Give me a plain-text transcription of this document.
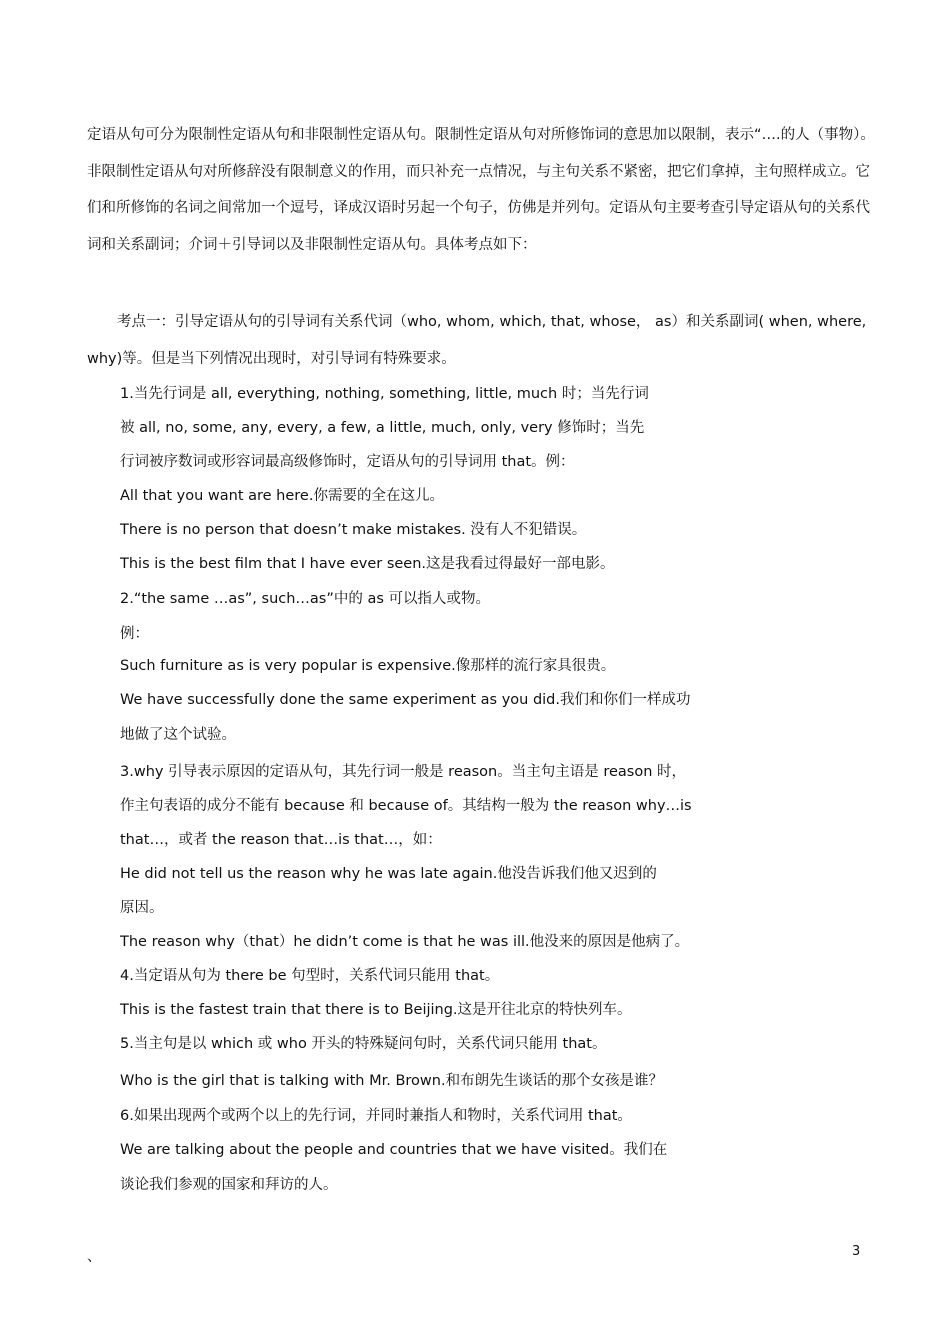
定语从句可分为限制性定语从句和非限制性定语从句。限制性定语从句对所修饰词的意思加以限制，表示“….的人（事物）。非限制性定语从句对所修辞没有限制意义的作用，而只补充一点情况，与主句关系不紧密，把它们拿掉，主句照样成立。它们和所修饰的名词之间常加一个逗号，译成汉语时另起一个句子，仿佛是并列句。定语从句主要考查引导定语从句的关系代词和关系副词；介词＋引导词以及非限制性定语从句。具体考点如下：
考点一：引导定语从句的引导词有关系代词（who, whom, which, that, whose， as）和关系副词( when, where, why)等。但是当下列情况出现时，对引导词有特殊要求。
1.当先行词是 all, everything, nothing, something, little, much 时；当先行词
被 all, no, some, any, every, a few, a little, much, only, very 修饰时；当先
行词被序数词或形容词最高级修饰时，定语从句的引导词用 that。例：
All that you want are here.你需要的全在这儿。
There is no person that doesn’t make mistakes. 没有人不犯错误。
This is the best film that I have ever seen.这是我看过得最好一部电影。
2.“the same …as”, such…as”中的 as 可以指人或物。
例：
Such furniture as is very popular is expensive.像那样的流行家具很贵。
We have successfully done the same experiment as you did.我们和你们一样成功
地做了这个试验。
3.why 引导表示原因的定语从句，其先行词一般是 reason。当主句主语是 reason 时，
作主句表语的成分不能有 because 和 because of。其结构一般为 the reason why…is
that…，或者 the reason that…is that…，如：
He did not tell us the reason why he was late again.他没告诉我们他又迟到的
原因。
The reason why（that）he didn’t come is that he was ill.他没来的原因是他病了。
4.当定语从句为 there be 句型时，关系代词只能用 that。
This is the fastest train that there is to Beijing.这是开往北京的特快列车。
5.当主句是以 which 或 who 开头的特殊疑问句时，关系代词只能用 that。
Who is the girl that is talking with Mr. Brown.和布朗先生谈话的那个女孩是谁？
6.如果出现两个或两个以上的先行词，并同时兼指人和物时，关系代词用 that。
We are talking about the people and countries that we have visited。我们在
谈论我们参观的国家和拜访的人。
、	3
